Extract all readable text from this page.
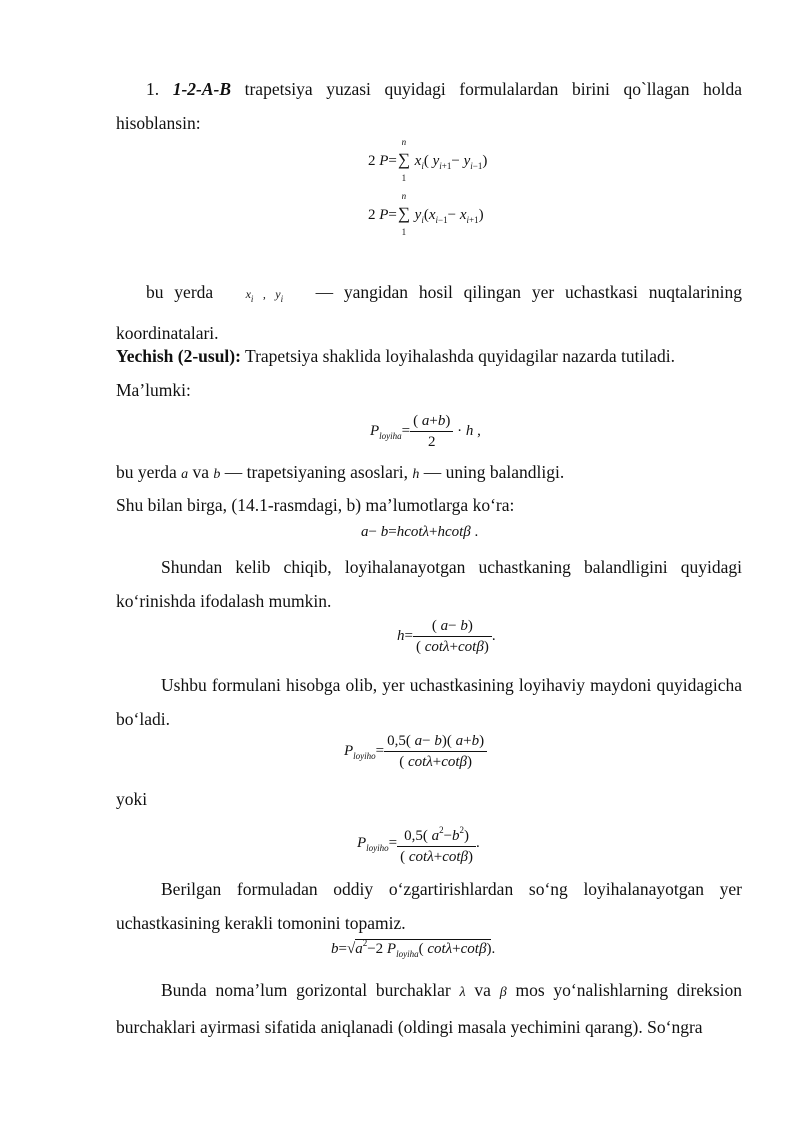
1. 1-2-A-B trapetsiya yuzasi quyidagi formulalardan birini qo`llagan holda hisoblansin:

2 P=
n
∑
1
$x_i$( $y_{i+1}- y_{i-1}$)
2 P=
n
∑
1
$y_i(x_{i-1}- x_{i+1})$

bu yerda	$x_i$ , $y_i$ — yangidan hosil qilingan yer uchastkasi nuqtalarining koordinatalari.

Yechish (2-usul): Trapetsiya shaklida loyihalashda quyidagilar nazarda tutiladi.

Ma’lumki:

$P_{loyiha}= \frac{( a+b)}{2} \cdot h$ ,

bu yerda a va b — trapetsiyaning asoslari, h — uning balandligi.

Shu bilan birga, (14.1-rasmdagi, b) ma’lumotlarga ko‘ra:

a− b=hcotλ+hcotβ .

Shundan kelib chiqib, loyihalanayotgan uchastkaning balandligini quyidagi ko‘rinishda ifodalash mumkin.

$h= \frac{( a- b)}{( \cot\lambda+\cot\beta)}$ .

Ushbu formulani hisobga olib, yer uchastkasining loyihaviy maydoni quyidagicha bo‘ladi.

$P_{loyiho}= \frac{0,5( a- b)( a+b)}{( \cot\lambda+\cot\beta)}$

yoki

$P_{loyiho}= \frac{0,5( a^2-b^2)}{( \cot\lambda+\cot\beta)}$ .

Berilgan formuladan oddiy o‘zgartirishlardan so‘ng loyihalanayotgan yer uchastkasining kerakli tomonini topamiz.

$b=√a^2-2$ $P_{loyiha}$( cotλ+cotβ).

Bunda noma’lum gorizontal burchaklar λ va β mos yo‘nalishlarning direksion burchaklari ayirmasi sifatida aniqlanadi (oldingi masala yechimini qarang). So‘ngra
